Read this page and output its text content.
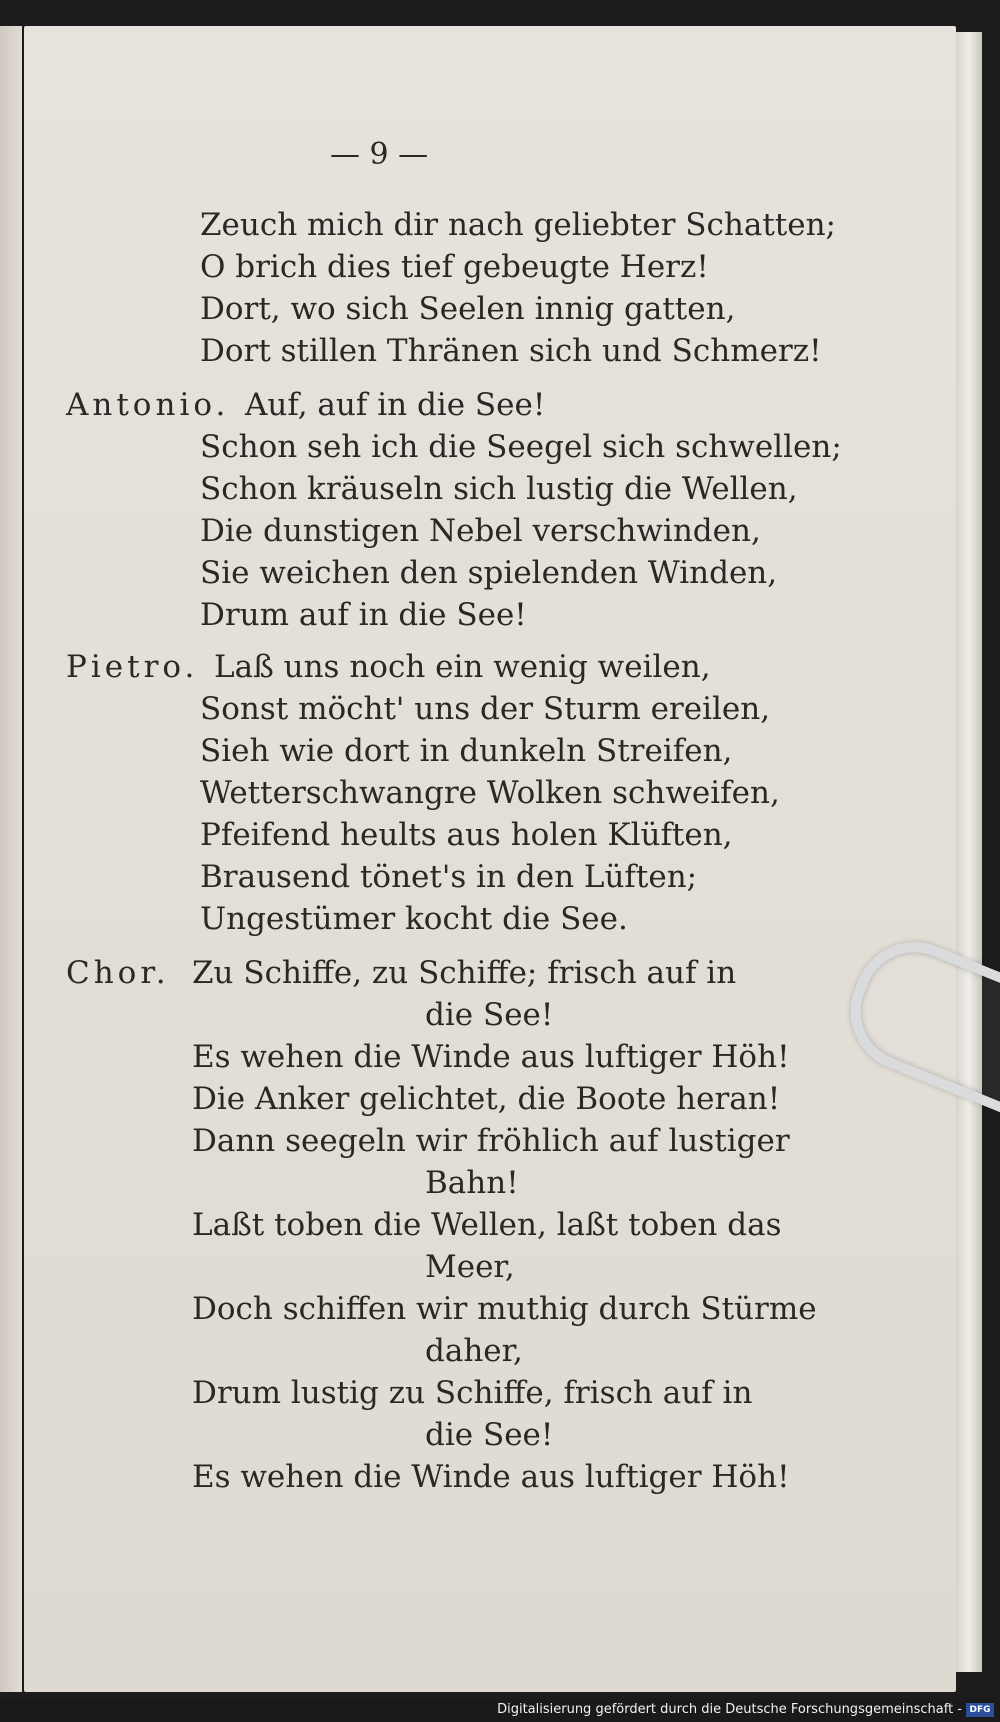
— 9 —
Zeuch mich dir nach geliebter Schatten;
O brich dies tief gebeugte Herz!
Dort, wo sich Seelen innig gatten,
Dort stillen Thränen sich und Schmerz!
Antonio. Auf, auf in die See!
Schon seh ich die Seegel sich schwellen;
Schon kräuseln sich lustig die Wellen,
Die dunstigen Nebel verschwinden,
Sie weichen den spielenden Winden,
Drum auf in die See!
Pietro. Laß uns noch ein wenig weilen,
Sonst möcht' uns der Sturm ereilen,
Sieh wie dort in dunkeln Streifen,
Wetterschwangre Wolken schweifen,
Pfeifend heults aus holen Klüften,
Brausend tönet's in den Lüften;
Ungestümer kocht die See.
Chor. Zu Schiffe, zu Schiffe; frisch auf in
die See!
Es wehen die Winde aus luftiger Höh!
Die Anker gelichtet, die Boote heran!
Dann seegeln wir fröhlich auf lustiger
Bahn!
Laßt toben die Wellen, laßt toben das
Meer,
Doch schiffen wir muthig durch Stürme
daher,
Drum lustig zu Schiffe, frisch auf in
die See!
Es wehen die Winde aus luftiger Höh!
Digitalisierung gefördert durch die Deutsche Forschungsgemeinschaft - DFG
